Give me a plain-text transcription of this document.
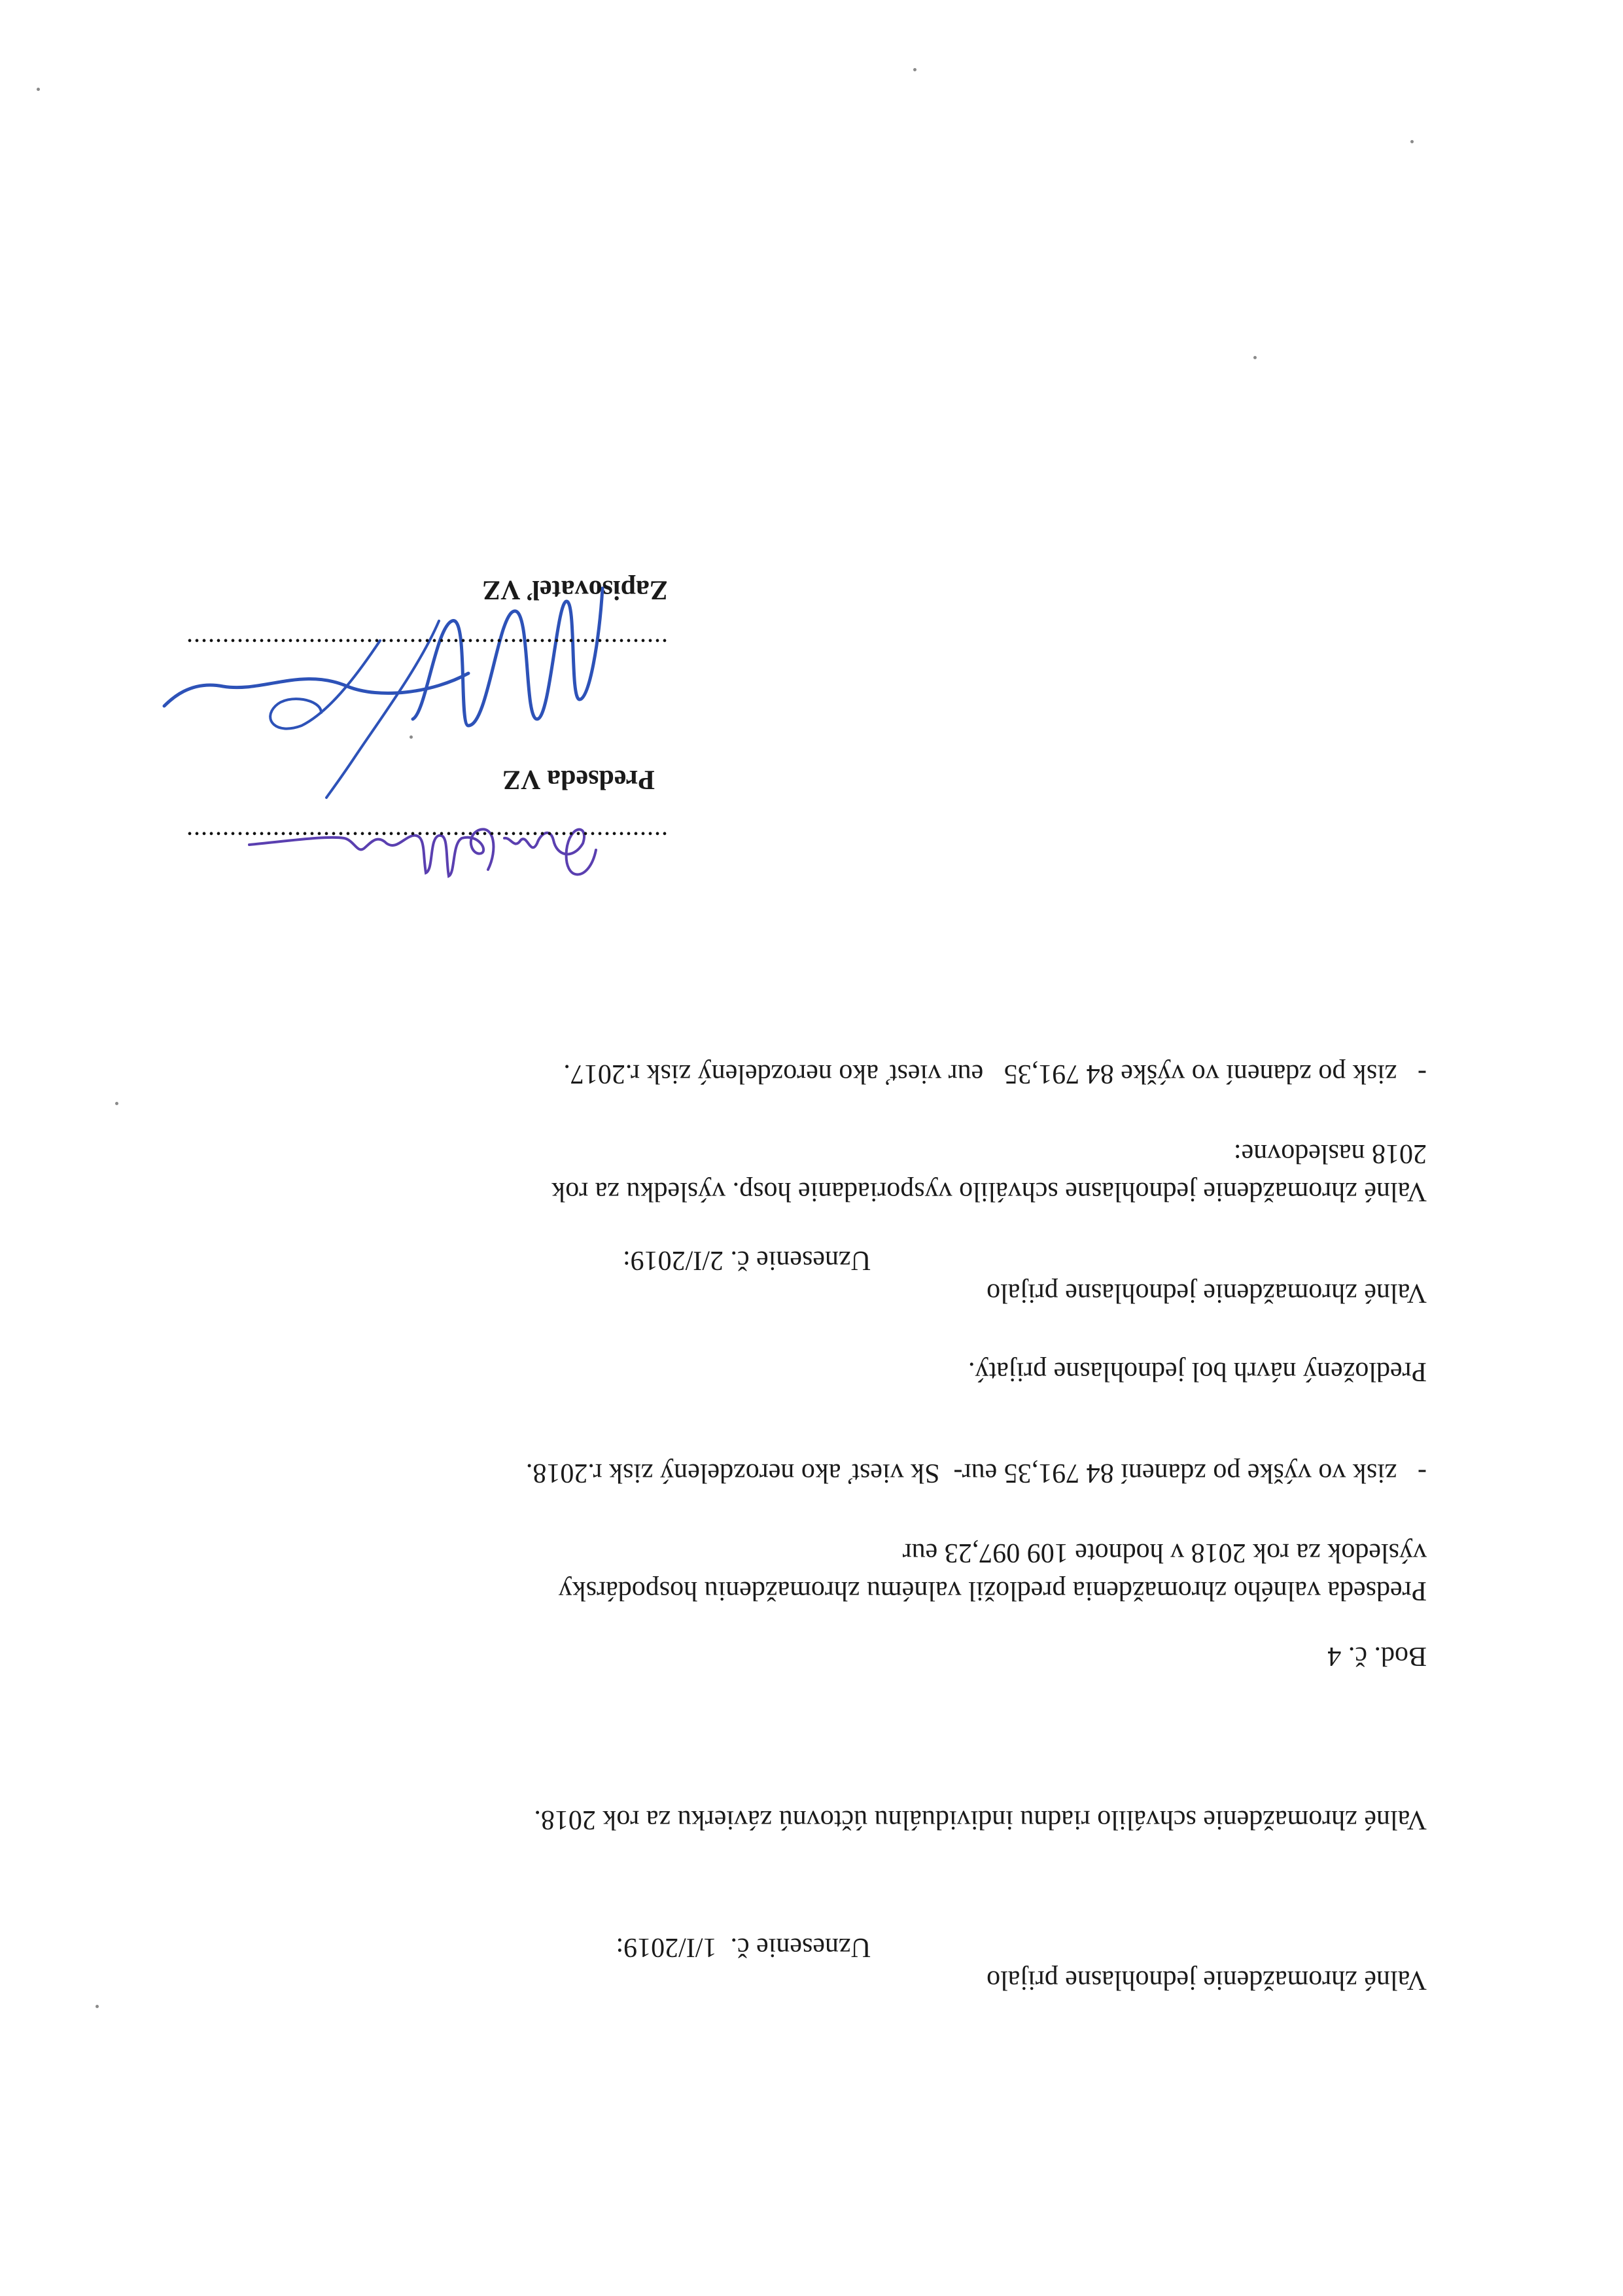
Valné zhromaždenie jednohlasne prijalo
Uznesenie č.  1/I/2019:
Valné zhromaždenie schválilo riadnu individuálnu účtovnú závierku za rok 2018.
Bod. č. 4
Predseda valného zhromaždenia predložil valnému zhromaždeniu hospodársky
výsledok za rok 2018 v hodnote 109 097,23 eur
-   zisk vo výške po zdanení 84 791,35 eur-  Sk viesť ako nerozdelený zisk r.2018.
Predložený návrh bol jednohlasne prijatý.
Valné zhromaždenie jednohlasne prijalo
Uznesenie č. 2/I/2019:
Valné zhromaždenie jednohlasne schválilo vysporiadanie hosp. výsledku za rok
2018 nasledovne:
-   zisk po zdanení vo výške 84 791,35   eur viesť ako nerozdelený zisk r.2017.
...................................................................
Predseda VZ
...................................................................
Zapisovateľ VZ
